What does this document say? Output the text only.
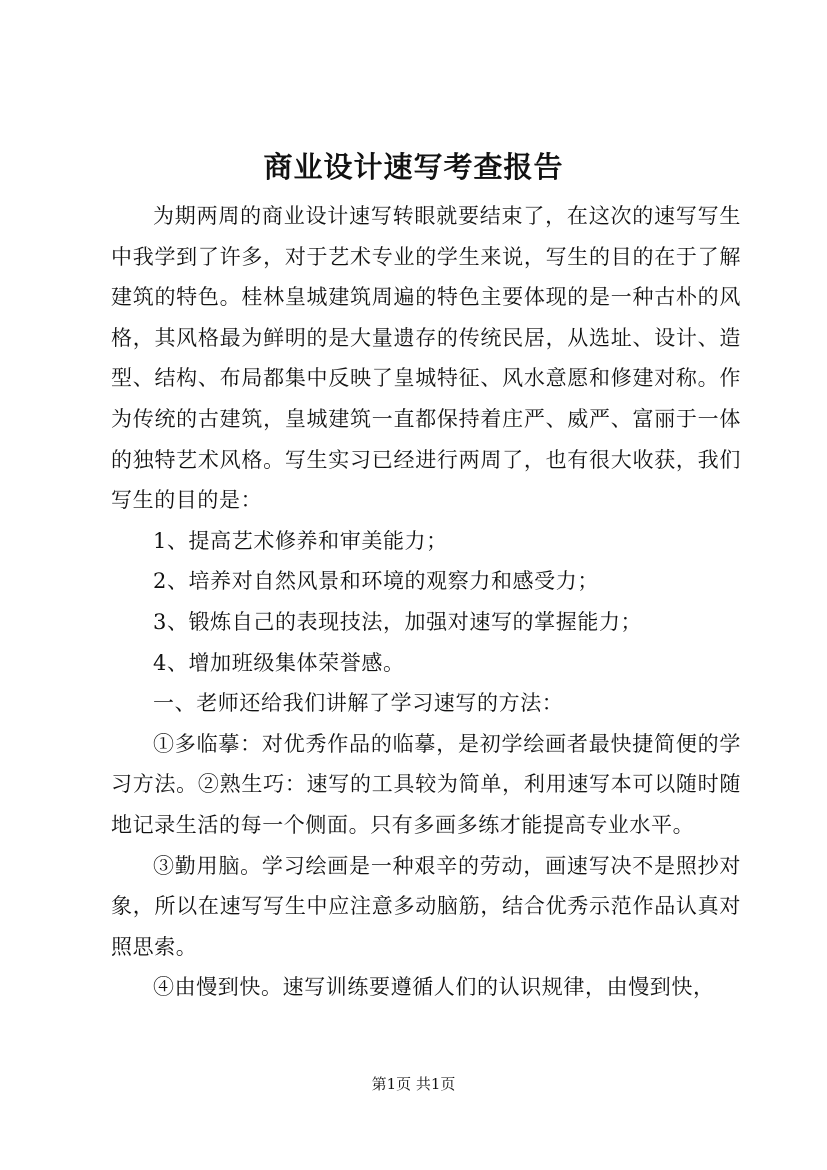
商业设计速写考查报告

为期两周的商业设计速写转眼就要结束了，在这次的速写写生中我学到了许多，对于艺术专业的学生来说，写生的目的在于了解建筑的特色。桂林皇城建筑周遍的特色主要体现的是一种古朴的风格，其风格最为鲜明的是大量遗存的传统民居，从选址、设计、造型、结构、布局都集中反映了皇城特征、风水意愿和修建对称。作为传统的古建筑，皇城建筑一直都保持着庄严、威严、富丽于一体的独特艺术风格。写生实习已经进行两周了，也有很大收获，我们写生的目的是：

1、提高艺术修养和审美能力；

2、培养对自然风景和环境的观察力和感受力；

3、锻炼自己的表现技法，加强对速写的掌握能力；

4、增加班级集体荣誉感。

一、老师还给我们讲解了学习速写的方法：

①多临摹：对优秀作品的临摹，是初学绘画者最快捷简便的学习方法。②熟生巧：速写的工具较为简单，利用速写本可以随时随地记录生活的每一个侧面。只有多画多练才能提高专业水平。

③勤用脑。学习绘画是一种艰辛的劳动，画速写决不是照抄对象，所以在速写写生中应注意多动脑筋，结合优秀示范作品认真对照思索。

④由慢到快。速写训练要遵循人们的认识规律，由慢到快，

第1页 共1页
